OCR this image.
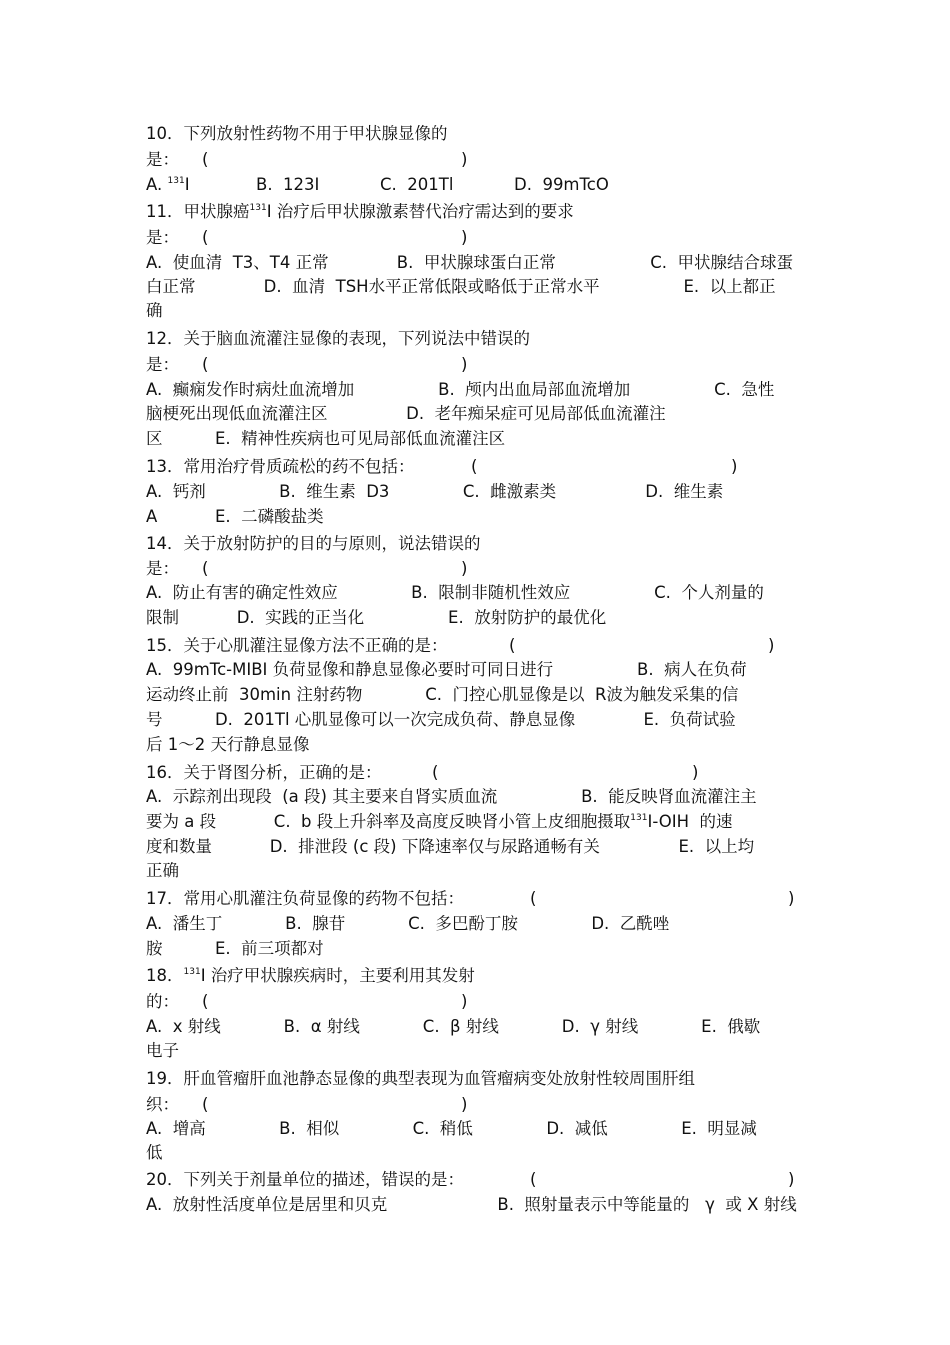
10．下列放射性药物不用于甲状腺显像的
是： (	)
A. $^{131}$I	B.  123I	C.  201Tl	D.  99mTcO
11．甲状腺癌$^{131}$I 治疗后甲状腺激素替代治疗需达到的要求
是： (	)
A.  使血清  T3、T4 正常             B.  甲状腺球蛋白正常                  C.  甲状腺结合球蛋
白正常             D.  血清  TSH水平正常低限或略低于正常水平                E.  以上都正
确
12．关于脑血流灌注显像的表现，下列说法中错误的
是： (	)
A.  癫痫发作时病灶血流增加                B.  颅内出血局部血流增加                C.  急性
脑梗死出现低血流灌注区               D.  老年痴呆症可见局部低血流灌注
区          E.  精神性疾病也可见局部低血流灌注区
13．常用治疗骨质疏松的药不包括：	(	)
A.  钙剂              B.  维生素  D3              C.  雌激素类                 D.  维生素
A           E.  二磷酸盐类
14．关于放射防护的目的与原则，说法错误的
是： (	)
A.  防止有害的确定性效应              B.  限制非随机性效应                C.  个人剂量的
限制           D.  实践的正当化                E.  放射防护的最优化
15．关于心肌灌注显像方法不正确的是：	(	)
A.  99mTc-MIBI 负荷显像和静息显像必要时可同日进行                B.  病人在负荷
运动终止前  30min 注射药物            C.  门控心肌显像是以  R波为触发采集的信
号          D.  201Tl 心肌显像可以一次完成负荷、静息显像             E.  负荷试验
后 1～2 天行静息显像
16．关于肾图分析，正确的是：	(	)
A.  示踪剂出现段  (a 段) 其主要来自肾实质血流                B.  能反映肾血流灌注主
要为 a 段           C.  b 段上升斜率及高度反映肾小管上皮细胞摄取$^{131}$I-OIH  的速
度和数量           D.  排泄段 (c 段) 下降速率仅与尿路通畅有关               E.  以上均
正确
17．常用心肌灌注负荷显像的药物不包括：	(	)
A.  潘生丁            B.  腺苷            C.  多巴酚丁胺              D.  乙酰唑
胺          E.  前三项都对
18．$^{131}$I 治疗甲状腺疾病时，主要利用其发射
的： (	)
A.  x 射线            B.  α 射线            C.  β 射线            D.  γ 射线            E.  俄歇
电子
19．肝血管瘤肝血池静态显像的典型表现为血管瘤病变处放射性较周围肝组
织： (	)
A.  增高              B.  相似              C.  稍低              D.  减低              E.  明显减
低
20．下列关于剂量单位的描述，错误的是：	(	)
A.  放射性活度单位是居里和贝克                     B.  照射量表示中等能量的   γ  或 X 射线
